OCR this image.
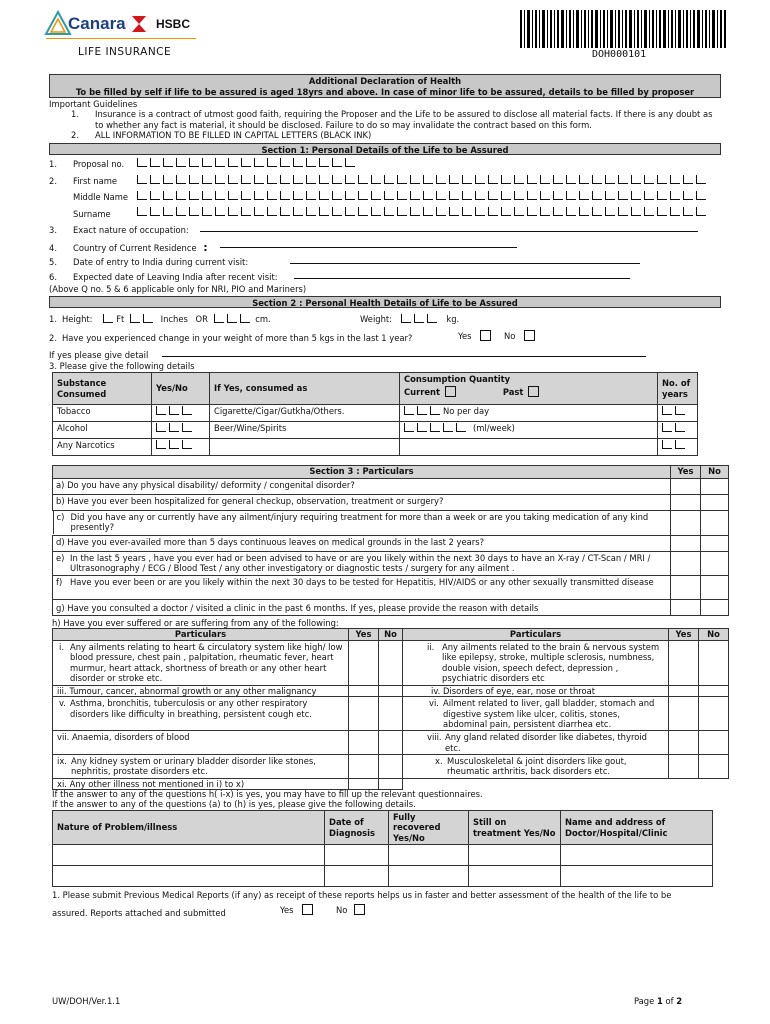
Canara	HSBC
LIFE INSURANCE	DOH000101
Additional Declaration of Health
To be filled by self if life to be assured is aged 18yrs and above. In case of minor life to be assured, details to be filled by proposer
Important Guidelines
1.	Insurance is a contract of utmost good faith, requiring the Proposer and the Life to be assured to disclose all material facts. If there is any doubt as to whether any fact is material, it should be disclosed. Failure to do so may invalidate the contract based on this form.
2.	ALL INFORMATION TO BE FILLED IN CAPITAL LETTERS (BLACK INK)
Section 1: Personal Details of the Life to be Assured
1. Proposal no.
2. First name
Middle Name
Surname
3. Exact nature of occupation:
4. Country of Current Residence :
5. Date of entry to India during current visit:
6. Expected date of Leaving India after recent visit:
(Above Q no. 5 & 6 applicable only for NRI, PIO and Mariners)
Section 2 : Personal Health Details of Life to be Assured
1. Height:	Ft	Inches OR	cm.	Weight:	kg.
2. Have you experienced change in your weight of more than 5 kgs in the last 1 year?	Yes	No
If yes please give detail
3. Please give the following details
Substance Consumed	Yes/No	If Yes, consumed as	Consumption Quantity
Current Past	No. of years
Tobacco		Cigarette/Cigar/Gutkha/Others.	No per day	
Alcohol		Beer/Wine/Spirits	(ml/week)	
Any Narcotics				
Section 3 : Particulars	Yes	No
a) Do you have any physical disability/ deformity / congenital disorder?		
b) Have you ever been hospitalized for general checkup, observation, treatment or surgery?		

c) Did you have any or currently have any ailment/injury requiring treatment for more than a week or are you taking medication of any kind presently?

d) Have you ever-availed more than 5 days continuous leaves on medical grounds in the last 2 years?		

e) In the last 5 years , have you ever had or been advised to have or are you likely within the next 30 days to have an X-ray / CT-Scan / MRI / Ultrasonography / ECG / Blood Test / any other investigatory or diagnostic tests / surgery for any ailment .		

f) Have you ever been or are you likely within the next 30 days to be tested for Hepatitis, HIV/AIDS or any other sexually transmitted disease		

g) Have you consulted a doctor / visited a clinic in the past 6 months. If yes, please provide the reason with details		
h) Have you ever suffered or are suffering from any of the following:
Particulars	Yes	No	Particulars	Yes	No

i. Any ailments relating to heart & circulatory system like high/ low blood pressure, chest pain , palpitation, rheumatic fever, heart murmur, heart attack, shortness of breath or any other heart disorder or stroke etc.			ii. Any ailments related to the brain & nervous system like epilepsy, stroke, multiple sclerosis, numbness, double vision, speech defect, depression , psychiatric disorders etc		

iii. Tumour, cancer, abnormal growth or any other malignancy			iv. Disorders of eye, ear, nose or throat		

v. Asthma, bronchitis, tuberculosis or any other respiratory disorders like difficulty in breathing, persistent cough etc.			vi. Ailment related to liver, gall bladder, stomach and digestive system like ulcer, colitis, stones, abdominal pain, persistent diarrhea etc.		

vii. Anaemia, disorders of blood			viii. Any gland related disorder like diabetes, thyroid etc.		

ix. Any kidney system or urinary bladder disorder like stones, nephritis, prostate disorders etc.			x. Musculoskeletal & joint disorders like gout, rheumatic arthritis, back disorders etc.		

xi. Any other illness not mentioned in i) to x)					
If the answer to any of the questions h( i-x) is yes, you may have to fill up the relevant questionnaires.
If the answer to any of the questions (a) to (h) is yes, please give the following details.
Nature of Problem/illness	Date of Diagnosis	Fully recovered Yes/No	Still on treatment Yes/No	Name and address of Doctor/Hospital/Clinic

1. Please submit Previous Medical Reports (if any) as receipt of these reports helps us in faster and better assessment of the health of the life to be
assured. Reports attached and submitted	Yes	No
UW/DOH/Ver.1.1	Page 1 of 2
